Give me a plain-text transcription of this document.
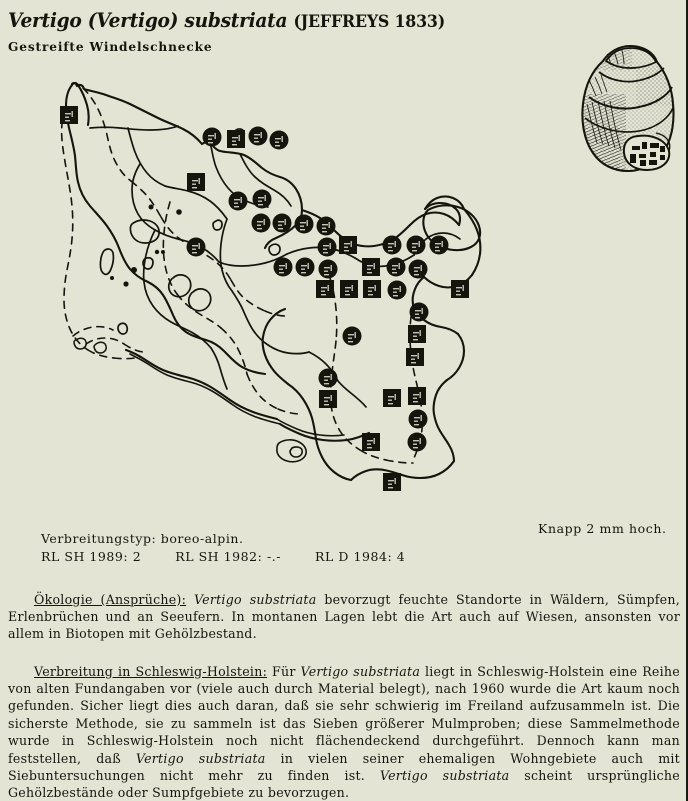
Vertigo (Vertigo) substriata (JEFFREYS 1833)
Gestreifte Windelschnecke
Knapp 2 mm hoch.
Verbreitungstyp: boreo-alpin.
RL SH 1989: 2	RL SH 1982: -.-	RL D 1984: 4

Ökologie (Ansprüche): Vertigo substriata bevorzugt feuchte Standorte in Wäldern, Sümpfen, Erlenbrüchen und an Seeufern. In montanen Lagen lebt die Art auch auf Wiesen, ansonsten vor allem in Biotopen mit Gehölzbestand.

Verbreitung in Schleswig-Holstein: Für Vertigo substriata liegt in Schleswig-Holstein eine Reihe von alten Fundangaben vor (viele auch durch Material belegt), nach 1960 wurde die Art kaum noch gefunden. Sicher liegt dies auch daran, daß sie sehr schwierig im Freiland aufzusammeln ist. Die sicherste Methode, sie zu sammeln ist das Sieben größerer Mulmproben; diese Sammelmethode wurde in Schleswig-Holstein noch nicht flächendeckend durchgeführt. Dennoch kann man feststellen, daß Vertigo substriata in vielen seiner ehemaligen Wohngebiete auch mit Siebuntersuchungen nicht mehr zu finden ist. Vertigo substriata scheint ursprüngliche Gehölzbestände oder Sumpfgebiete zu bevorzugen.
